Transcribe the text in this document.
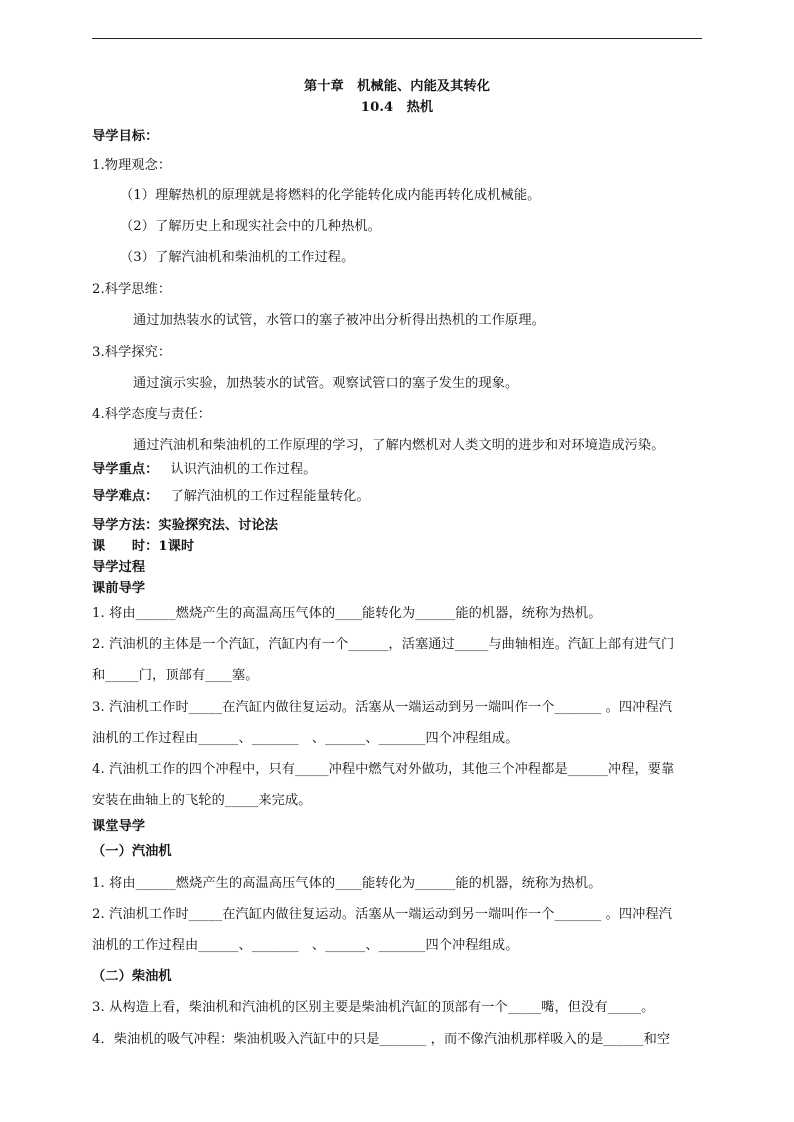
第十章　机械能、内能及其转化
10.4　热机
导学目标：
1.物理观念：
（1）理解热机的原理就是将燃料的化学能转化成内能再转化成机械能。
（2）了解历史上和现实社会中的几种热机。
（3）了解汽油机和柴油机的工作过程。
2.科学思维：
通过加热装水的试管，水管口的塞子被冲出分析得出热机的工作原理。
3.科学探究：
通过演示实验，加热装水的试管。观察试管口的塞子发生的现象。
4.科学态度与责任：
通过汽油机和柴油机的工作原理的学习，了解内燃机对人类文明的进步和对环境造成污染。
导学重点： 认识汽油机的工作过程。
导学难点： 了解汽油机的工作过程能量转化。
导学方法：实验探究法、讨论法
课　　时：1课时
导学过程
课前导学
1. 将由______燃烧产生的高温高压气体的____能转化为______能的机器，统称为热机。
2. 汽油机的主体是一个汽缸，汽缸内有一个______，活塞通过_____与曲轴相连。汽缸上部有进气门
和_____门，顶部有____塞。
3. 汽油机工作时_____在汽缸内做往复运动。活塞从一端运动到另一端叫作一个_______ 。四冲程汽
油机的工作过程由______、_______　、______、_______四个冲程组成。
4. 汽油机工作的四个冲程中，只有_____冲程中燃气对外做功，其他三个冲程都是______冲程，要靠
安装在曲轴上的飞轮的_____来完成。
课堂导学
（一）汽油机
1. 将由______燃烧产生的高温高压气体的____能转化为______能的机器，统称为热机。
2. 汽油机工作时_____在汽缸内做往复运动。活塞从一端运动到另一端叫作一个_______ 。四冲程汽
油机的工作过程由______、_______　、______、_______四个冲程组成。
（二）柴油机
3. 从构造上看，柴油机和汽油机的区别主要是柴油机汽缸的顶部有一个_____嘴，但没有_____。
4．柴油机的吸气冲程：柴油机吸入汽缸中的只是_______ ，而不像汽油机那样吸入的是______和空
